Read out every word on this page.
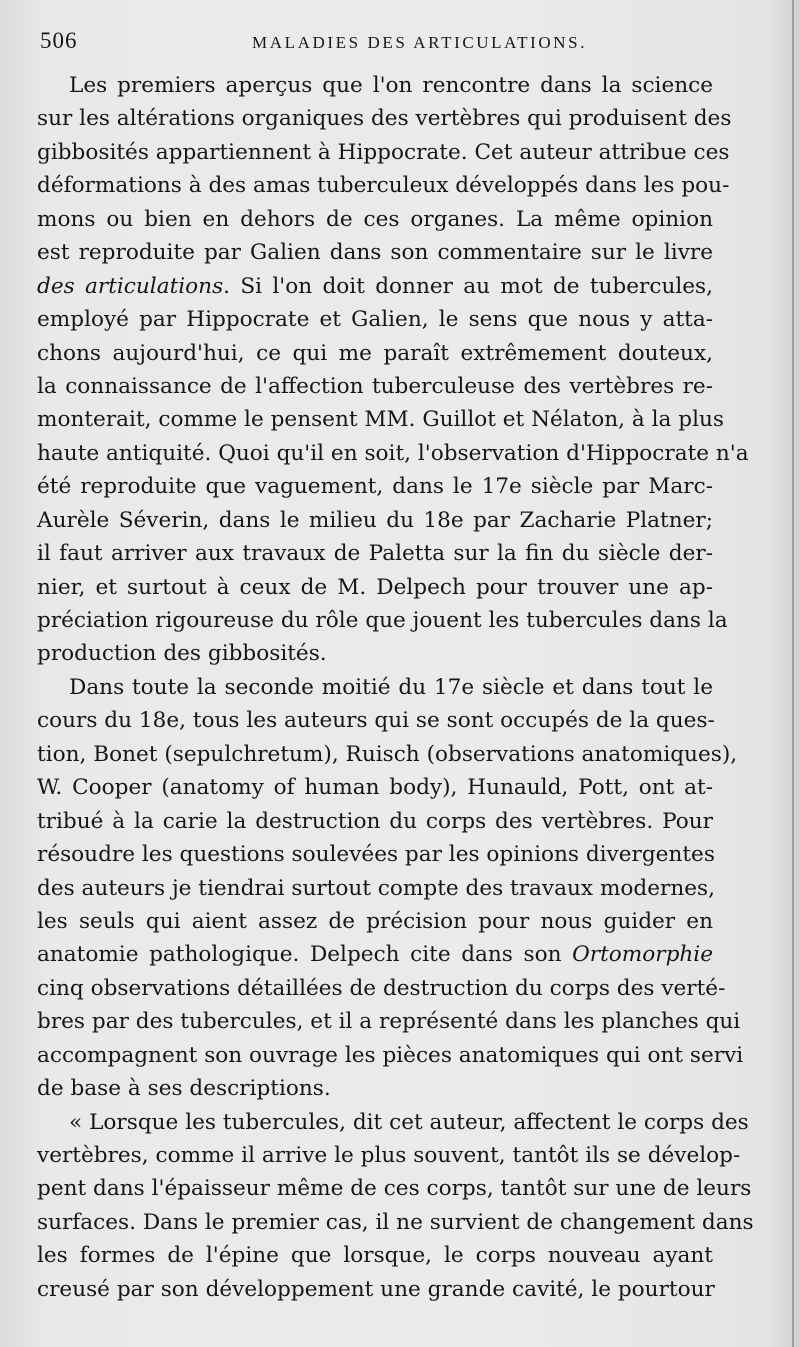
506	MALADIES DES ARTICULATIONS.
Les premiers aperçus que l'on rencontre dans la science
sur les altérations organiques des vertèbres qui produisent des
gibbosités appartiennent à Hippocrate. Cet auteur attribue ces
déformations à des amas tuberculeux développés dans les pou-
mons ou bien en dehors de ces organes. La même opinion
est reproduite par Galien dans son commentaire sur le livre
des articulations. Si l'on doit donner au mot de tubercules,
employé par Hippocrate et Galien, le sens que nous y atta-
chons aujourd'hui, ce qui me paraît extrêmement douteux,
la connaissance de l'affection tuberculeuse des vertèbres re-
monterait, comme le pensent MM. Guillot et Nélaton, à la plus
haute antiquité. Quoi qu'il en soit, l'observation d'Hippocrate n'a
été reproduite que vaguement, dans le 17e siècle par Marc-
Aurèle Séverin, dans le milieu du 18e par Zacharie Platner;
il faut arriver aux travaux de Paletta sur la fin du siècle der-
nier, et surtout à ceux de M. Delpech pour trouver une ap-
préciation rigoureuse du rôle que jouent les tubercules dans la
production des gibbosités.
Dans toute la seconde moitié du 17e siècle et dans tout le
cours du 18e, tous les auteurs qui se sont occupés de la ques-
tion, Bonet (sepulchretum), Ruisch (observations anatomiques),
W. Cooper (anatomy of human body), Hunauld, Pott, ont at-
tribué à la carie la destruction du corps des vertèbres. Pour
résoudre les questions soulevées par les opinions divergentes
des auteurs je tiendrai surtout compte des travaux modernes,
les seuls qui aient assez de précision pour nous guider en
anatomie pathologique. Delpech cite dans son Ortomorphie
cinq observations détaillées de destruction du corps des verté-
bres par des tubercules, et il a représenté dans les planches qui
accompagnent son ouvrage les pièces anatomiques qui ont servi
de base à ses descriptions.
« Lorsque les tubercules, dit cet auteur, affectent le corps des
vertèbres, comme il arrive le plus souvent, tantôt ils se dévelop-
pent dans l'épaisseur même de ces corps, tantôt sur une de leurs
surfaces. Dans le premier cas, il ne survient de changement dans
les formes de l'épine que lorsque, le corps nouveau ayant
creusé par son développement une grande cavité, le pourtour
